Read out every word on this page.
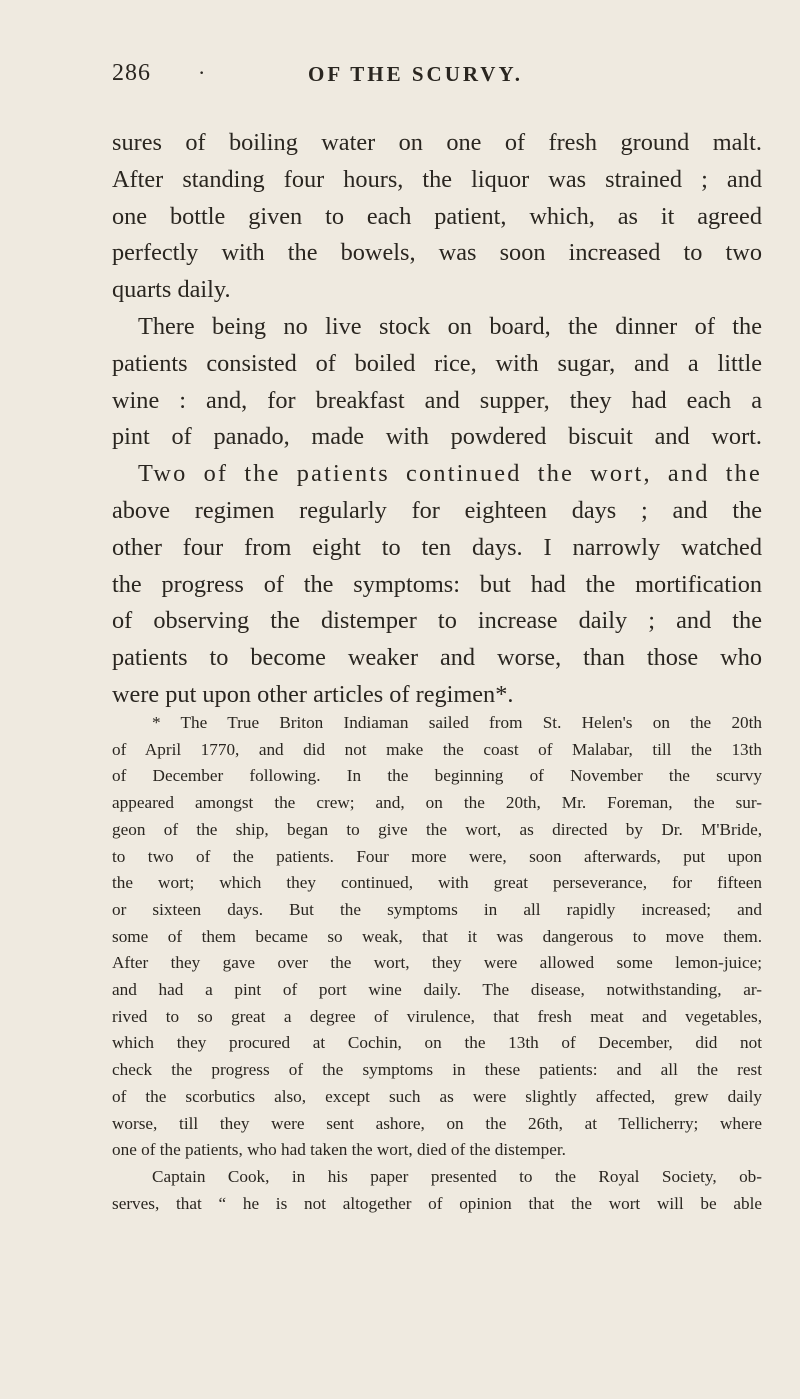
286 ·	OF THE SCURVY.

sures of boiling water on one of fresh ground malt.

After standing four hours, the liquor was strained ; and

one bottle given to each patient, which, as it agreed

perfectly with the bowels, was soon increased to two

quarts daily.

There being no live stock on board, the dinner of the

patients consisted of boiled rice, with sugar, and a little

wine : and, for breakfast and supper, they had each a

pint of panado, made with powdered biscuit and wort.

Two of the patients continued the wort, and the

above regimen regularly for eighteen days ; and the

other four from eight to ten days. I narrowly watched

the progress of the symptoms: but had the mortification

of observing the distemper to increase daily ; and the

patients to become weaker and worse, than those who

were put upon other articles of regimen*.

* The True Briton Indiaman sailed from St. Helen's on the 20th

of April 1770, and did not make the coast of Malabar, till the 13th

of December following. In the beginning of November the scurvy

appeared amongst the crew; and, on the 20th, Mr. Foreman, the sur-

geon of the ship, began to give the wort, as directed by Dr. M'Bride,

to two of the patients. Four more were, soon afterwards, put upon

the wort; which they continued, with great perseverance, for fifteen

or sixteen days. But the symptoms in all rapidly increased; and

some of them became so weak, that it was dangerous to move them.

After they gave over the wort, they were allowed some lemon-juice;

and had a pint of port wine daily. The disease, notwithstanding, ar-

rived to so great a degree of virulence, that fresh meat and vegetables,

which they procured at Cochin, on the 13th of December, did not

check the progress of the symptoms in these patients: and all the rest

of the scorbutics also, except such as were slightly affected, grew daily

worse, till they were sent ashore, on the 26th, at Tellicherry; where

one of the patients, who had taken the wort, died of the distemper.

Captain Cook, in his paper presented to the Royal Society, ob-

serves, that “ he is not altogether of opinion that the wort will be able
